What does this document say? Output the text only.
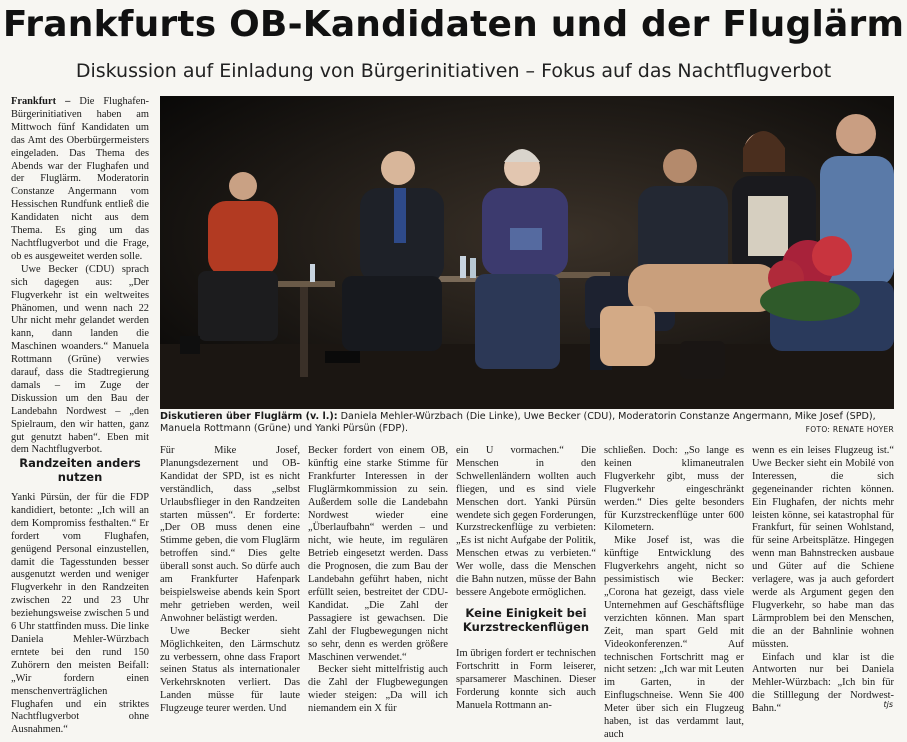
Frankfurts OB-Kandidaten und der Fluglärm
Diskussion auf Einladung von Bürgerinitiativen – Fokus auf das Nachtflugverbot

Frankfurt – Die Flughafen-Bürgerinitiativen haben am Mittwoch fünf Kandidaten um das Amt des Oberbürgermeisters eingeladen. Das Thema des Abends war der Flughafen und der Fluglärm. Moderatorin Constanze Angermann vom Hessischen Rundfunk entließ die Kandidaten nicht aus dem Thema. Es ging um das Nachtflugverbot und die Frage, ob es ausgeweitet werden solle.

Uwe Becker (CDU) sprach sich dagegen aus: „Der Flugverkehr ist ein weltweites Phänomen, und wenn nach 22 Uhr nicht mehr gelandet werden kann, dann landen die Maschinen woanders.“ Manuela Rottmann (Grüne) verwies darauf, dass die Stadtregierung damals – im Zuge der Diskussion um den Bau der Landebahn Nordwest – „den Spielraum, den wir hatten, ganz gut genutzt haben“. Eben mit dem Nachtflugverbot.

Randzeiten anders nutzen

Yanki Pürsün, der für die FDP kandidiert, betonte: „Ich will an dem Kompromiss festhalten.“ Er fordert vom Flughafen, genügend Personal einzustellen, damit die Tagesstunden besser ausgenutzt werden und weniger Flugverkehr in den Randzeiten zwischen 22 und 23 Uhr beziehungsweise zwischen 5 und 6 Uhr stattfinden muss. Die linke Daniela Mehler-Würzbach erntete bei den rund 150 Zuhörern den meisten Beifall: „Wir fordern einen menschenverträglichen Flughafen und ein striktes Nachtflugverbot ohne Ausnahmen.“

Diskutieren über Fluglärm (v. l.): Daniela Mehler-Würzbach (Die Linke), Uwe Becker (CDU), Moderatorin Constanze Angermann, Mike Josef (SPD), Manuela Rottmann (Grüne) und Yanki Pürsün (FDP).	FOTO: RENATE HOYER

Für Mike Josef, Planungsdezernent und OB-Kandidat der SPD, ist es nicht verständlich, dass „selbst Urlaubsflieger in den Randzeiten starten müssen“. Er forderte: „Der OB muss denen eine Stimme geben, die vom Fluglärm betroffen sind.“ Dies gelte überall sonst auch. So dürfe auch am Frankfurter Hafenpark beispielsweise abends kein Sport mehr getrieben werden, weil Anwohner belästigt werden.

Uwe Becker sieht Möglichkeiten, den Lärmschutz zu verbessern, ohne dass Fraport seinen Status als internationaler Verkehrsknoten verliert. Das Landen müsse für laute Flugzeuge teurer werden. Und

Becker fordert von einem OB, künftig eine starke Stimme für Frankfurter Interessen in der Fluglärmkommission zu sein. Außerdem solle die Landebahn Nordwest wieder eine „Überlaufbahn“ werden – und nicht, wie heute, im regulären Betrieb eingesetzt werden. Dass die Prognosen, die zum Bau der Landebahn geführt haben, nicht erfüllt seien, bestreitet der CDU-Kandidat. „Die Zahl der Passagiere ist gewachsen. Die Zahl der Flugbewegungen nicht so sehr, denn es werden größere Maschinen verwendet.“

Becker sieht mittelfristig auch die Zahl der Flugbewegungen wieder steigen: „Da will ich niemandem ein X für

ein U vormachen.“ Die Menschen in den Schwellenländern wollten auch fliegen, und es sind viele Menschen dort. Yanki Pürsün wendete sich gegen Forderungen, Kurzstreckenflüge zu verbieten: „Es ist nicht Aufgabe der Politik, Menschen etwas zu verbieten.“ Wer wolle, dass die Menschen die Bahn nutzen, müsse der Bahn bessere Angebote ermöglichen.

Keine Einigkeit bei Kurzstreckenflügen

Im übrigen fordert er technischen Fortschritt in Form leiserer, sparsamerer Maschinen. Dieser Forderung konnte sich auch Manuela Rottmann an-

schließen. Doch: „So lange es keinen klimaneutralen Flugverkehr gibt, muss der Flugverkehr eingeschränkt werden.“ Dies gelte besonders für Kurzstreckenflüge unter 600 Kilometern.

Mike Josef ist, was die künftige Entwicklung des Flugverkehrs angeht, nicht so pessimistisch wie Becker: „Corona hat gezeigt, dass viele Unternehmen auf Geschäftsflüge verzichten können. Man spart Zeit, man spart Geld mit Videokonferenzen.“ Auf technischen Fortschritt mag er nicht setzen: „Ich war mit Leuten im Garten, in der Einflugschneise. Wenn Sie 400 Meter über sich ein Flugzeug haben, ist das verdammt laut, auch

wenn es ein leises Flugzeug ist.“ Uwe Becker sieht ein Mobilé von Interessen, die sich gegeneinander richten können. Ein Flughafen, der nichts mehr leisten könne, sei katastrophal für Frankfurt, für seinen Wohlstand, für seine Arbeitsplätze. Hingegen wenn man Bahnstrecken ausbaue und Güter auf die Schiene verlagere, was ja auch gefordert werde als Argument gegen den Flugverkehr, so habe man das Lärmproblem bei den Menschen, die an der Bahnlinie wohnen müssten.

Einfach und klar ist die Antworten nur bei Daniela Mehler-Würzbach: „Ich bin für die Stilllegung der Nordwest-Bahn.“	tjs
